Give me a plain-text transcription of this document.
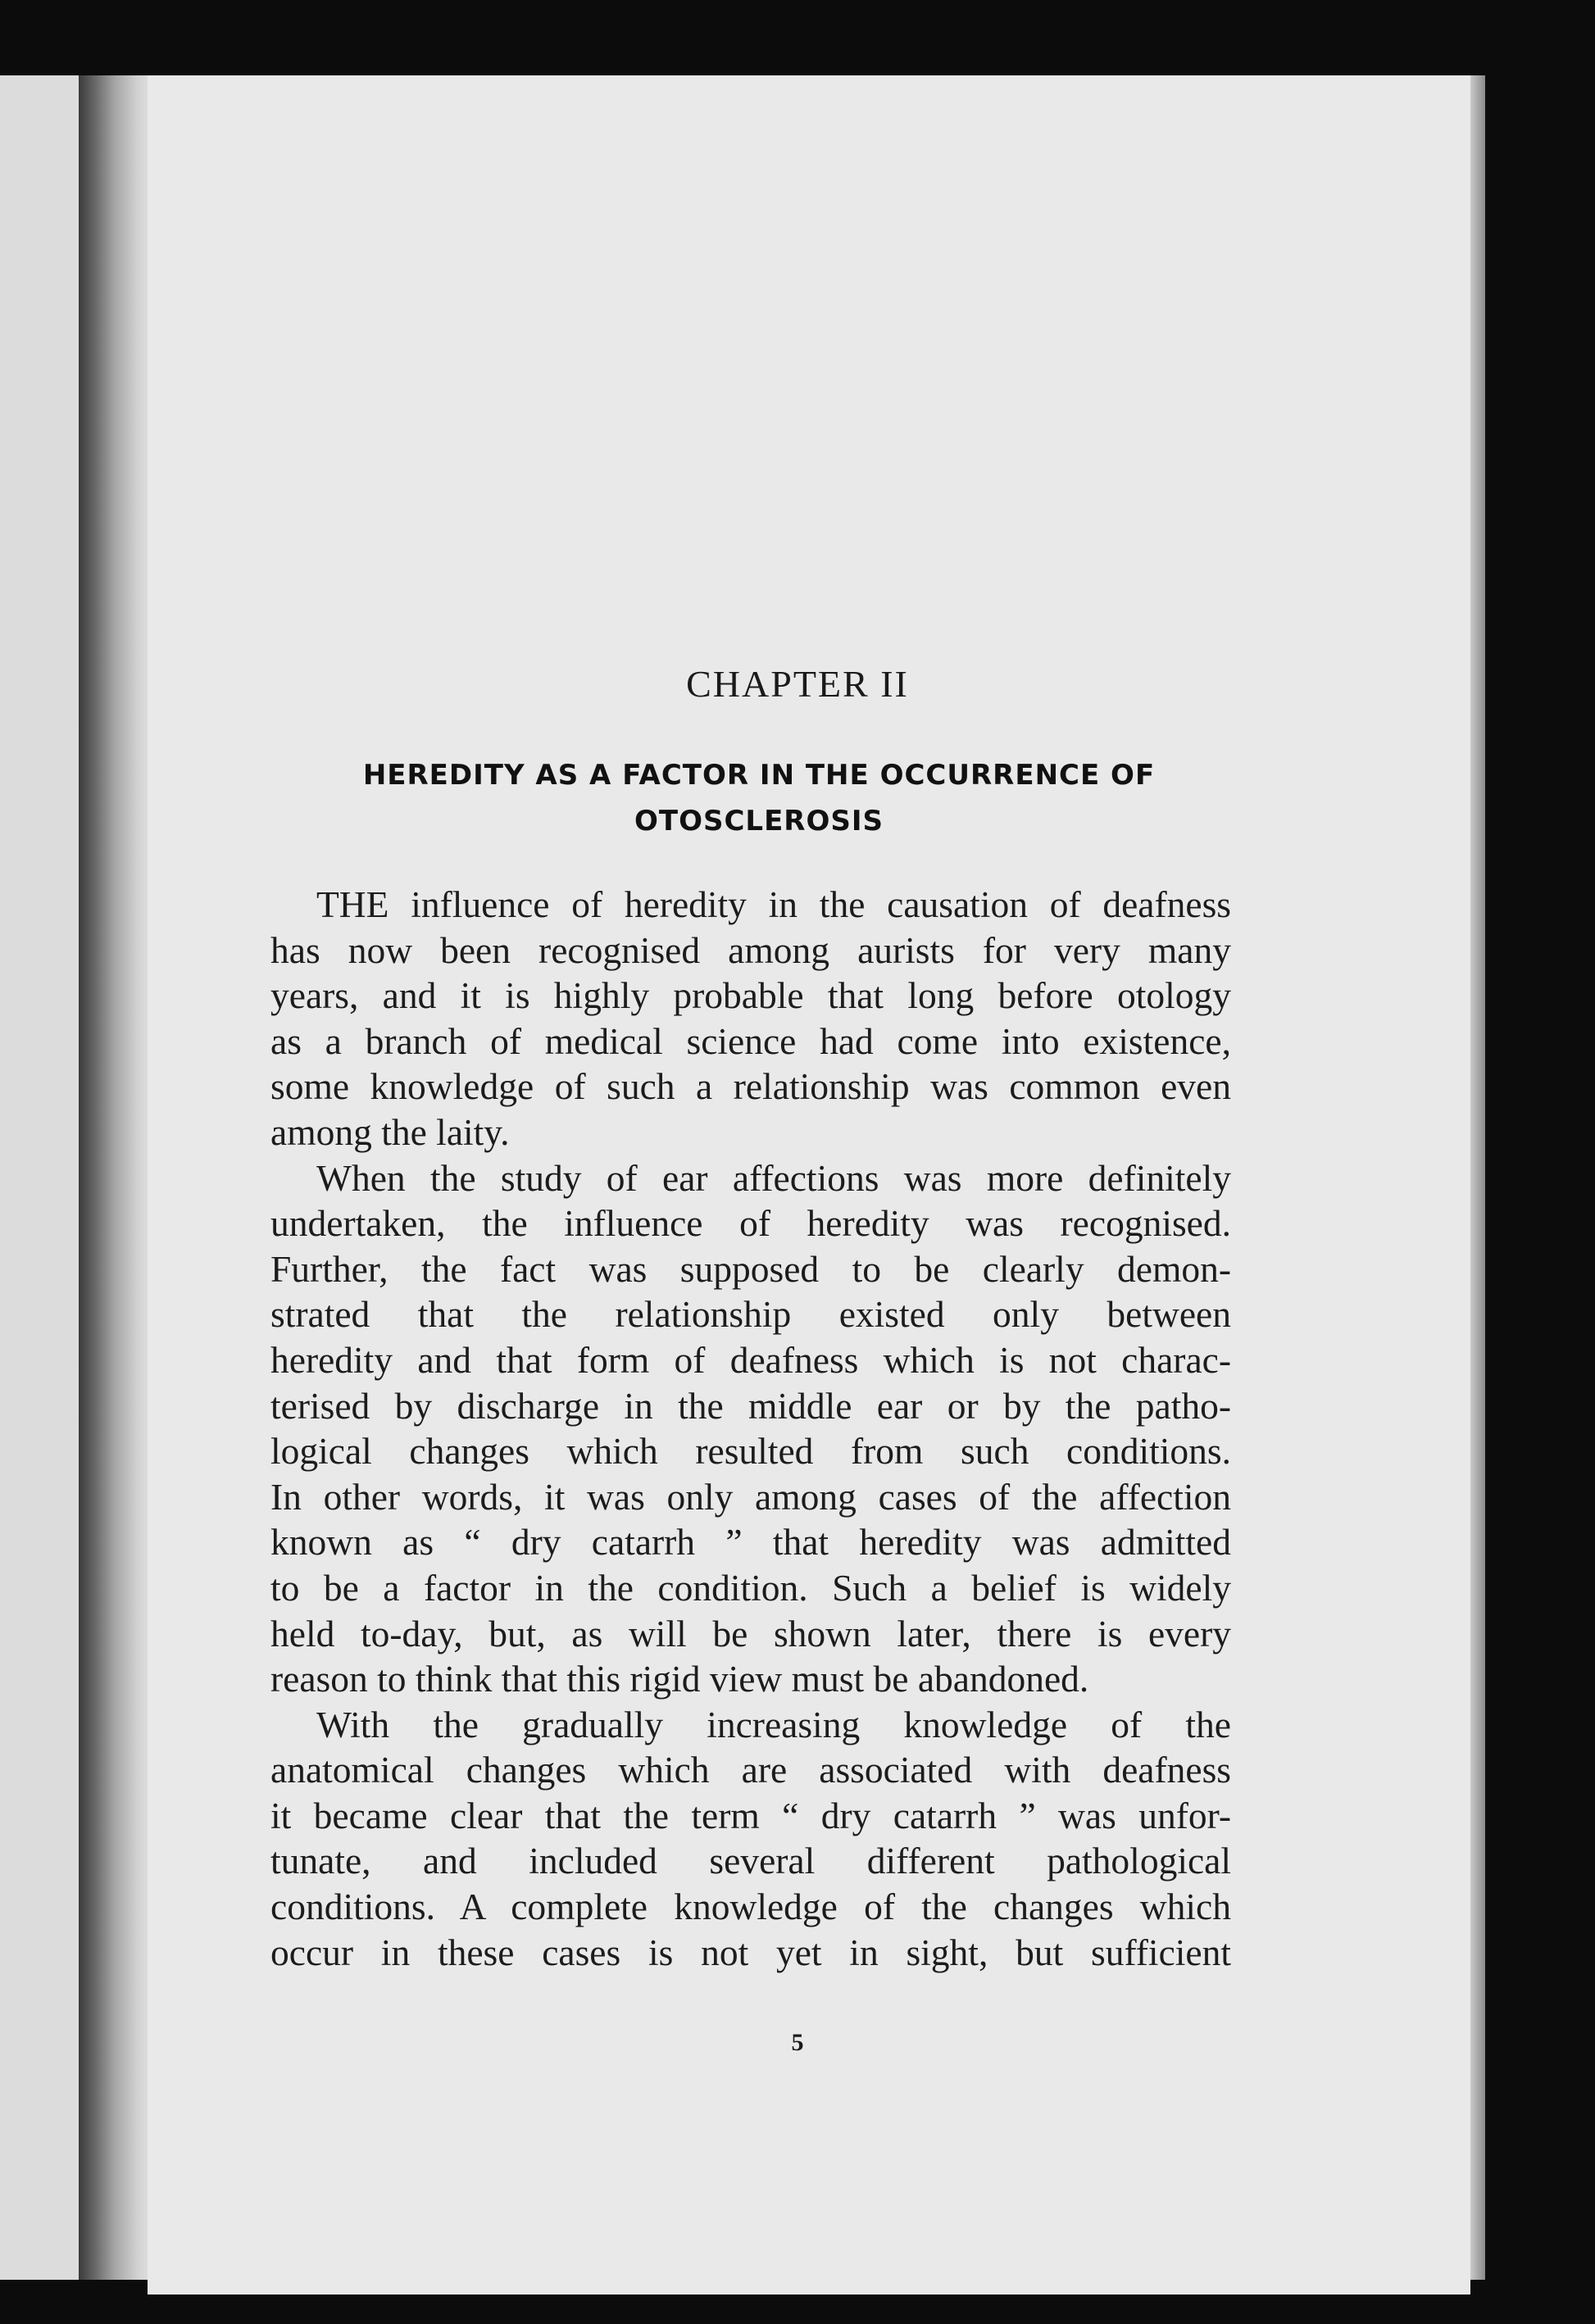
CHAPTER II
HEREDITY AS A FACTOR IN THE OCCURRENCE OF
OTOSCLEROSIS
THE influence of heredity in the causation of deafness
has now been recognised among aurists for very many
years, and it is highly probable that long before otology
as a branch of medical science had come into existence,
some knowledge of such a relationship was common even
among the laity.
When the study of ear affections was more definitely
undertaken, the influence of heredity was recognised.
Further, the fact was supposed to be clearly demon-
strated that the relationship existed only between
heredity and that form of deafness which is not charac-
terised by discharge in the middle ear or by the patho-
logical changes which resulted from such conditions.
In other words, it was only among cases of the affection
known as “ dry catarrh ” that heredity was admitted
to be a factor in the condition. Such a belief is widely
held to-day, but, as will be shown later, there is every
reason to think that this rigid view must be abandoned.
With the gradually increasing knowledge of the
anatomical changes which are associated with deafness
it became clear that the term “ dry catarrh ” was unfor-
tunate, and included several different pathological
conditions. A complete knowledge of the changes which
occur in these cases is not yet in sight, but sufficient
5
